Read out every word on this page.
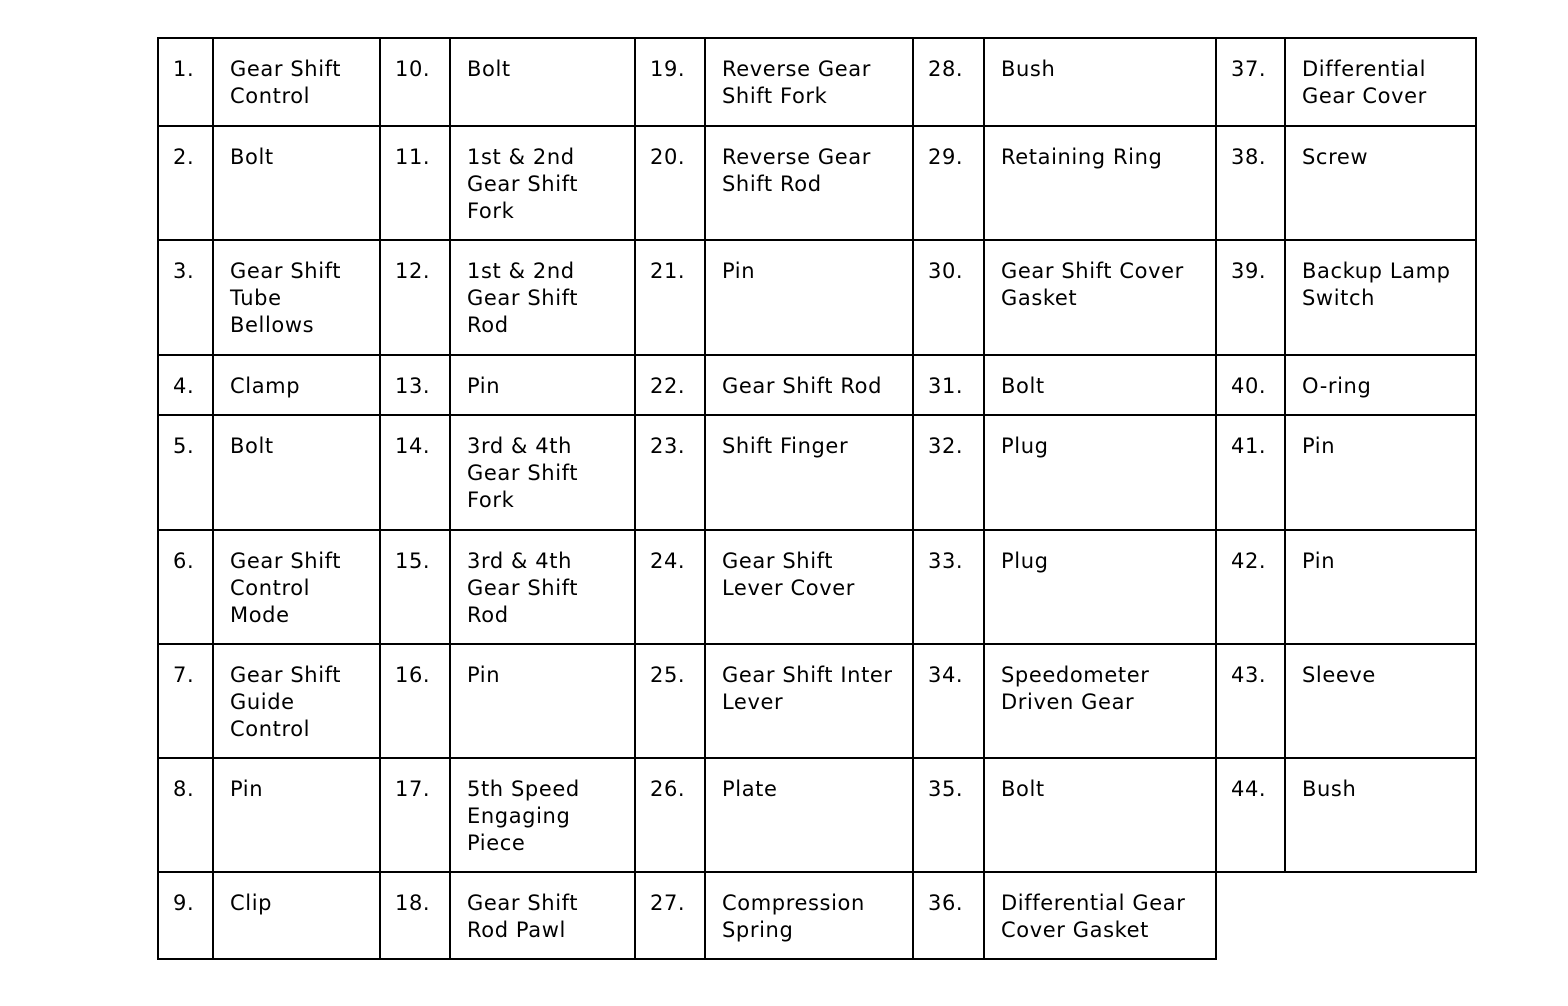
1.	Gear Shift
Control
2.	Bolt
3.	Gear Shift
Tube
Bellows
4.	Clamp
5.	Bolt
6.	Gear Shift
Control
Mode
7.	Gear Shift
Guide
Control
8.	Pin
9.	Clip
10.	Bolt
11.	1st & 2nd
Gear Shift
Fork
12.	1st & 2nd
Gear Shift
Rod
13.	Pin
14.	3rd & 4th
Gear Shift
Fork
15.	3rd & 4th
Gear Shift
Rod
16.	Pin
17.	5th Speed
Engaging
Piece
18.	Gear Shift
Rod Pawl
19.	Reverse Gear
Shift Fork
20.	Reverse Gear
Shift Rod
21.	Pin
22.	Gear Shift Rod
23.	Shift Finger
24.	Gear Shift
Lever Cover
25.	Gear Shift Inter
Lever
26.	Plate
27.	Compression
Spring
28.	Bush
29.	Retaining Ring
30.	Gear Shift Cover
Gasket
31.	Bolt
32.	Plug
33.	Plug
34.	Speedometer
Driven Gear
35.	Bolt
36.	Differential Gear
Cover Gasket
37.	Differential
Gear Cover
38.	Screw
39.	Backup Lamp
Switch
40.	O-ring
41.	Pin
42.	Pin
43.	Sleeve
44.	Bush
